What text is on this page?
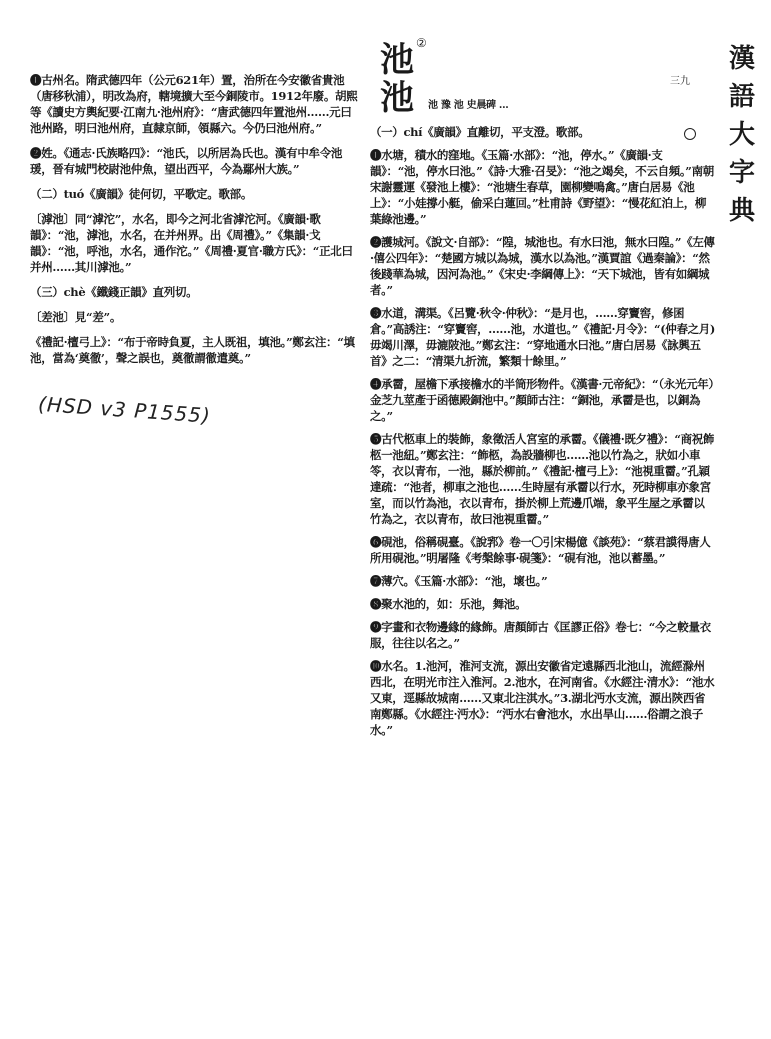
❶古州名。隋武德四年（公元621年）置，治所在今安徽省貴池（唐移秋浦），明改為府，轄境擴大至今銅陵市。1912年廢。胡熙等《讀史方輿紀要·江南九·池州府》：“唐武德四年置池州……元曰池州路，明曰池州府，直隸京師，領縣六。今仍曰池州府。”

❷姓。《通志·氏族略四》：“池氏，以所居為氏也。漢有中牟令池瑗，晉有城門校尉池仲魚，望出西平，今為鄢州大族。”

（二）tuó《廣韻》徒何切，平歌定。歌部。

〔滹池〕同“滹沱”，水名，即今之河北省滹沱河。《廣韻·歌韻》：“池，滹池，水名，在并州界。出《周禮》。”《集韻·戈韻》：“池，呼池，水名，通作沱。”《周禮·夏官·職方氏》：“正北曰并州……其川滹池。”

（三）chè《鐵錢正韻》直列切。

〔差池〕見“差”。

《禮記·檀弓上》：“布于帝時負夏，主人既祖，填池。”鄭玄注：“填池，當為‘奠徹’，聲之誤也，奠徹謂徹遣奠。”

(HSD v3 P1555)
池 ②
池 池 豫 池 史晨碑 ...
三九
漢
語
大
字
典

（一）chí《廣韻》直離切，平支澄。歌部。

❶水塘，積水的窪地。《玉篇·水部》：“池，停水。”《廣韻·支韻》：“池，停水曰池。”《詩·大雅·召旻》：“池之竭矣，不云自頻。”南朝宋謝靈運《發池上樓》：“池塘生春草，園柳變鳴禽。”唐白居易《池上》：“小娃撐小艇，偷采白蓮回。”杜甫詩《野望》：“慢花紅泊上，柳葉綠池邊。”

❷護城河。《說文·自部》：“隍，城池也。有水曰池，無水曰隍。”《左傳·僖公四年》：“楚國方城以為城，漢水以為池。”漢賈誼《過秦論》：“然後踐華為城，因河為池。”《宋史·李綱傳上》：“天下城池，皆有如綱城者。”

❸水道，溝渠。《呂覽·秋令·仲秋》：“是月也，……穿竇窖，修囷倉。”高誘注：“穿竇窖，……池，水道也。”《禮記·月令》：“(仲春之月)毋竭川澤，毋漉陂池。”鄭玄注：“穿地通水曰池。”唐白居易《詠興五首》之二：“清渠九折流，繁類十餘里。”

❹承霤，屋檐下承接檐水的半筒形物件。《漢書·元帝紀》：“（永光元年）金芝九莖產于函德殿銅池中。”顏師古注：“銅池，承霤是也，以銅為之。”

❺古代柩車上的裝飾，象徵活人宮室的承霤。《儀禮·既夕禮》：“商祝飾柩一池紐。”鄭玄注：“飾柩，為設牆柳也……池以竹為之，狀如小車笭，衣以青布，一池，縣於柳前。”《禮記·檀弓上》：“池視重霤。”孔穎達疏：“池者，柳車之池也……生時屋有承霤以行水，死時柳車亦象宮室，而以竹為池，衣以青布，掛於柳上荒邊爪端，象平生屋之承霤以竹為之，衣以青布，故曰池視重霤。”

❻硯池，俗稱硯臺。《說郛》卷一〇引宋楊億《談苑》：“蔡君謨得唐人所用硯池。”明屠隆《考槃餘事·硯箋》：“硯有池，池以蓄墨。”

❼薄穴。《玉篇·水部》：“池，壞也。”

❽聚水池的，如：乐池，舞池。

❾字畫和衣物邊緣的緣飾。唐顏師古《匡謬正俗》卷七：“今之較量衣服，往往以名之。”

❿水名。1.池河，淮河支流，源出安徽省定遠縣西北池山，流經滁州西北，在明光市注入淮河。2.池水，在河南省。《水經注·清水》：“池水又東，逕縣故城南……又東北注淇水。”3.湖北沔水支流，源出陝西省南鄭縣。《水經注·沔水》：“沔水右會池水，水出旱山……俗謂之浪子水。”
